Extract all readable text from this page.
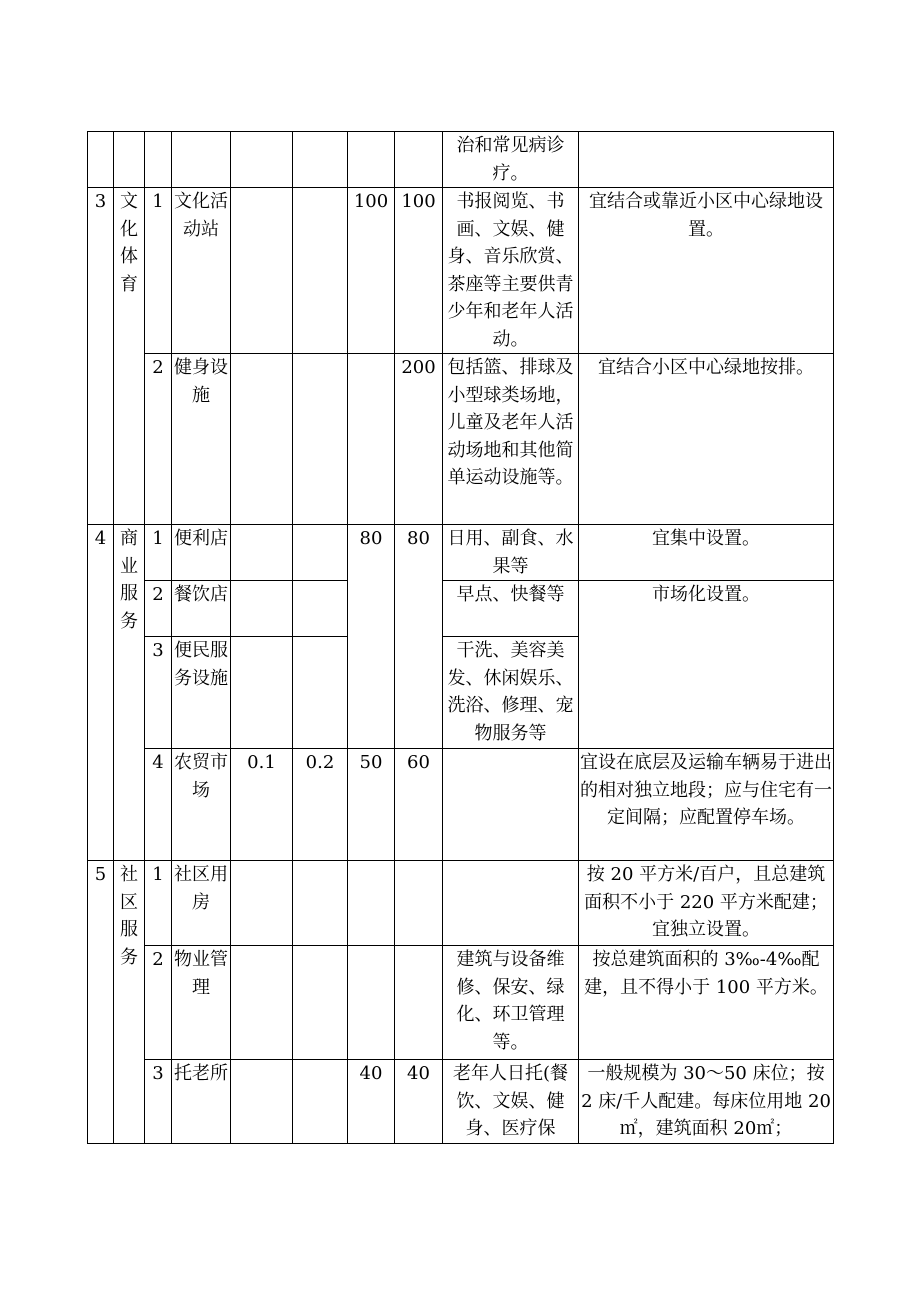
								治和常见病诊疗。	
3	文化体育	1	文化活动站			100	100	书报阅览、书画、文娱、健身、音乐欣赏、茶座等主要供青少年和老年人活动。	宜结合或靠近小区中心绿地设置。
		2	健身设施				200	包括篮、排球及小型球类场地，儿童及老年人活动场地和其他简单运动设施等。	宜结合小区中心绿地按排。
4	商业服务	1	便利店			80	80	日用、副食、水果等	宜集中设置。
		2	餐饮店					早点、快餐等	市场化设置。
		3	便民服务设施					干洗、美容美发、休闲娱乐、洗浴、修理、宠物服务等	
		4	农贸市场	0.1	0.2	50	60		宜设在底层及运输车辆易于进出的相对独立地段；应与住宅有一定间隔；应配置停车场。
5	社区服务	1	社区用房						按 20 平方米/百户，且总建筑面积不小于 220 平方米配建；宜独立设置。
		2	物业管理					建筑与设备维修、保安、绿化、环卫管理等。	按总建筑面积的 3‰-4‰配建，且不得小于 100 平方米。
		3	托老所			40	40	老年人日托(餐饮、文娱、健身、医疗保	一般规模为 30～50 床位；按 2 床/千人配建。每床位用地 20㎡，建筑面积 20㎡；
